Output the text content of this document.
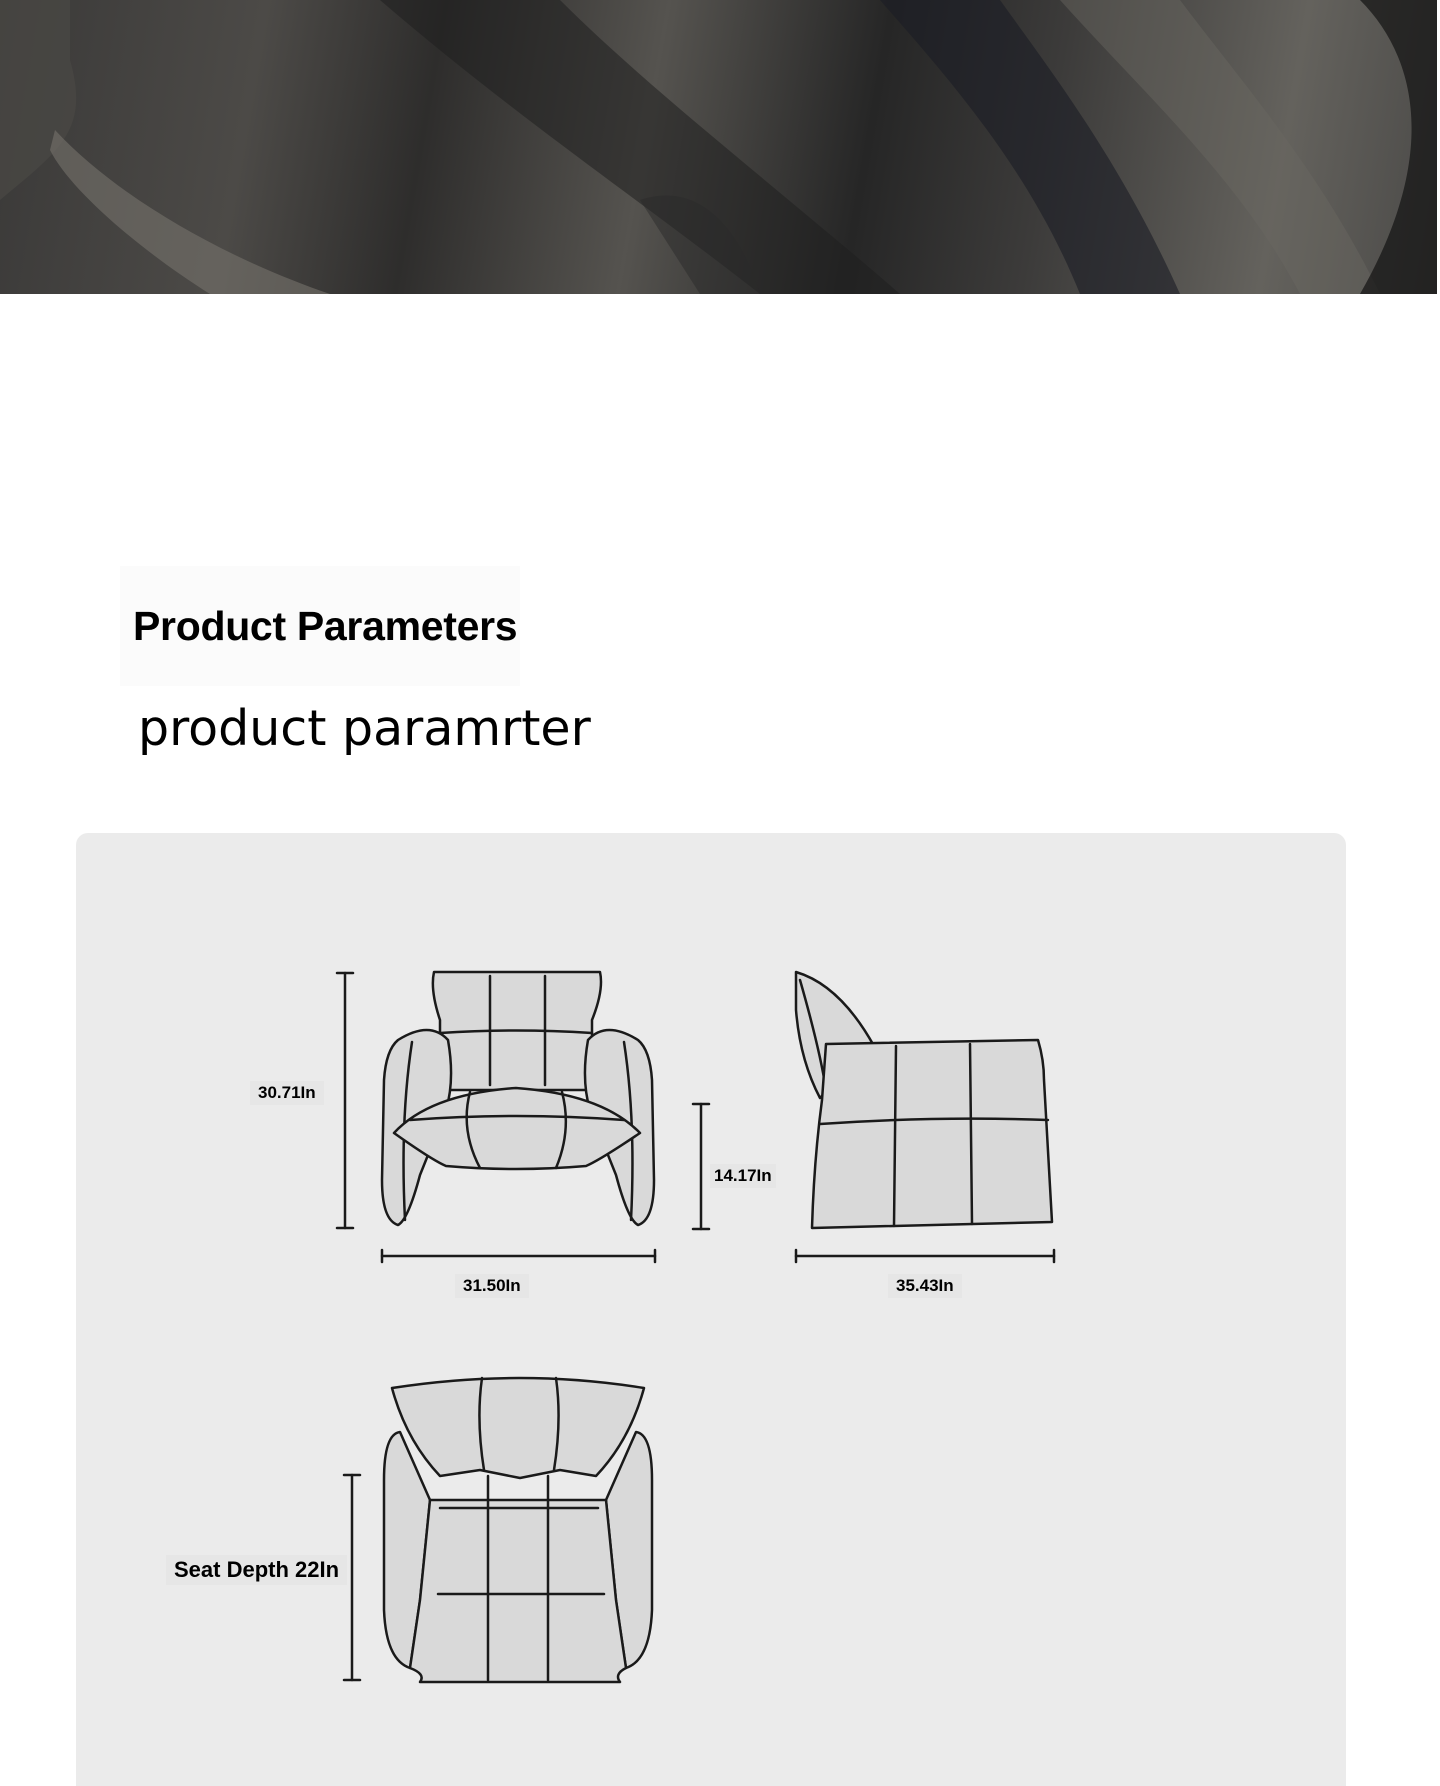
Product Parameters
product paramrter
30.71In
14.17In
31.50In	35.43In
Seat Depth 22In
